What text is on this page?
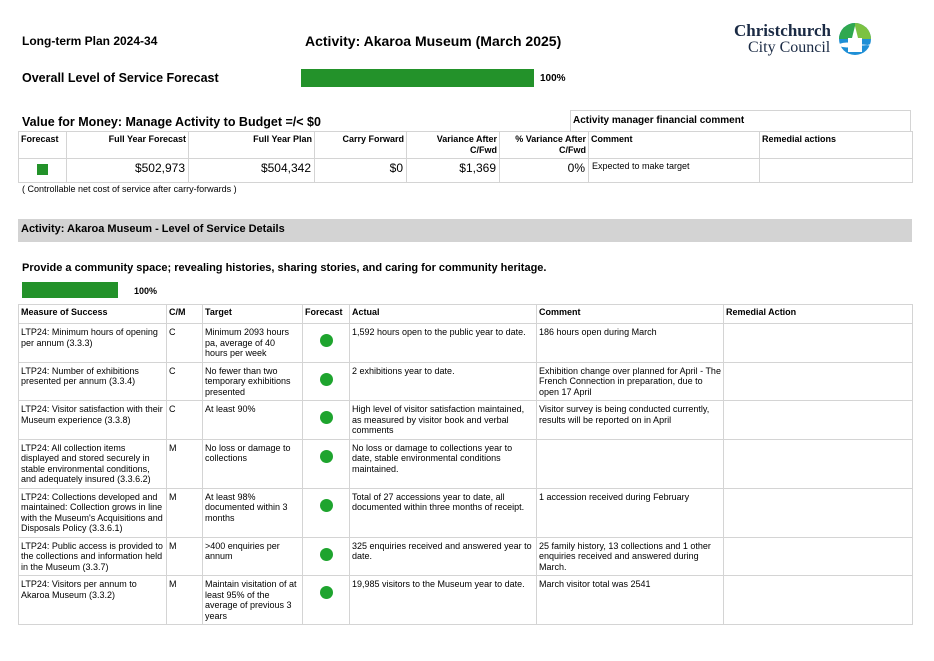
Long-term Plan 2024-34	Activity: Akaroa Museum (March 2025)
Christchurch
City Council
Overall Level of Service Forecast	100%
Value for Money: Manage Activity to Budget =/< $0	Activity manager financial comment
Forecast	Full Year Forecast	Full Year Plan	Carry Forward	Variance After C/Fwd	% Variance After C/Fwd	Comment	Remedial actions
	$502,973	$504,342	$0	$1,369	0%	Expected to make target	
( Controllable net cost of service after carry-forwards )
Activity: Akaroa Museum - Level of Service Details
Provide a community space; revealing histories, sharing stories, and caring for community heritage.
100%
Measure of Success	C/M	Target	Forecast	Actual	Comment	Remedial Action
LTP24: Minimum hours of opening per annum (3.3.3)	C	Minimum 2093 hours pa, average of 40 hours per week		1,592 hours open to the public year to date.	186 hours open during March	
LTP24: Number of exhibitions presented per annum (3.3.4)	C	No fewer than two temporary exhibitions presented		2 exhibitions year to date.	Exhibition change over planned for April - The French Connection in preparation, due to open 17 April	
LTP24: Visitor satisfaction with their Museum experience (3.3.8)	C	At least 90%		High level of visitor satisfaction maintained, as measured by visitor book and verbal comments	Visitor survey is being conducted currently, results will be reported on in April	
LTP24: All collection items displayed and stored securely in stable environmental conditions, and adequately insured (3.3.6.2)	M	No loss or damage to collections		No loss or damage to collections year to date, stable environmental conditions maintained.		
LTP24: Collections developed and maintained: Collection grows in line with the Museum's Acquisitions and Disposals Policy (3.3.6.1)	M	At least 98% documented within 3 months		Total of 27 accessions year to date, all documented within three months of receipt.	1 accession received during February	
LTP24: Public access is provided to the collections and information held in the Museum (3.3.7)	M	>400 enquiries per annum		325 enquiries received and answered year to date.	25 family history, 13 collections and 1 other enquiries received and answered during March.	
LTP24: Visitors per annum to Akaroa Museum (3.3.2)	M	Maintain visitation of at least 95% of the average of previous 3 years		19,985 visitors to the Museum year to date.	March visitor total was 2541	
